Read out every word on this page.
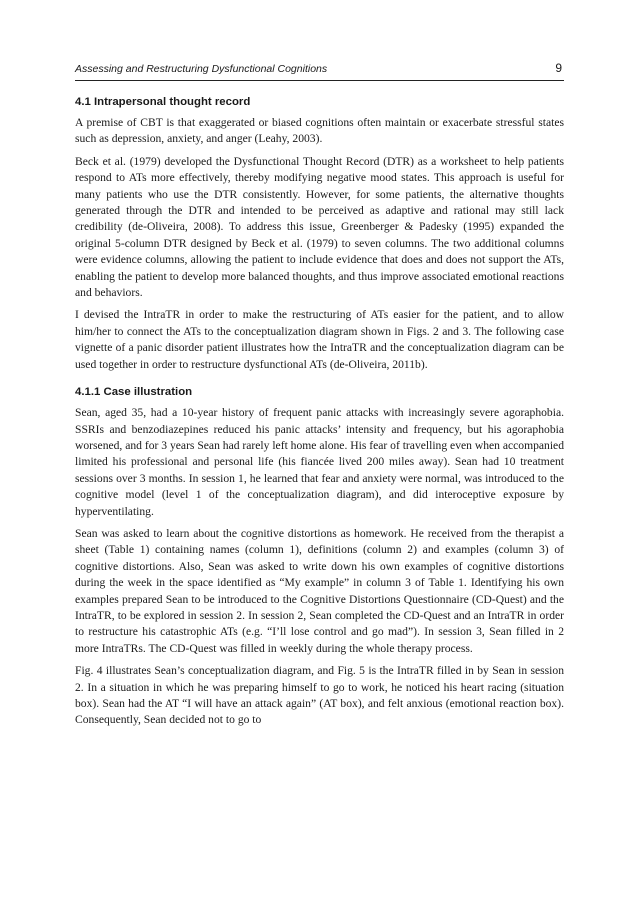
Assessing and Restructuring Dysfunctional Cognitions	9
4.1 Intrapersonal thought record

A premise of CBT is that exaggerated or biased cognitions often maintain or exacerbate stressful states such as depression, anxiety, and anger (Leahy, 2003).

Beck et al. (1979) developed the Dysfunctional Thought Record (DTR) as a worksheet to help patients respond to ATs more effectively, thereby modifying negative mood states. This approach is useful for many patients who use the DTR consistently. However, for some patients, the alternative thoughts generated through the DTR and intended to be perceived as adaptive and rational may still lack credibility (de-Oliveira, 2008). To address this issue, Greenberger & Padesky (1995) expanded the original 5-column DTR designed by Beck et al. (1979) to seven columns. The two additional columns were evidence columns, allowing the patient to include evidence that does and does not support the ATs, enabling the patient to develop more balanced thoughts, and thus improve associated emotional reactions and behaviors.

I devised the IntraTR in order to make the restructuring of ATs easier for the patient, and to allow him/her to connect the ATs to the conceptualization diagram shown in Figs. 2 and 3. The following case vignette of a panic disorder patient illustrates how the IntraTR and the conceptualization diagram can be used together in order to restructure dysfunctional ATs (de-Oliveira, 2011b).

4.1.1 Case illustration

Sean, aged 35, had a 10-year history of frequent panic attacks with increasingly severe agoraphobia. SSRIs and benzodiazepines reduced his panic attacks’ intensity and frequency, but his agoraphobia worsened, and for 3 years Sean had rarely left home alone. His fear of travelling even when accompanied limited his professional and personal life (his fiancée lived 200 miles away). Sean had 10 treatment sessions over 3 months. In session 1, he learned that fear and anxiety were normal, was introduced to the cognitive model (level 1 of the conceptualization diagram), and did interoceptive exposure by hyperventilating.

Sean was asked to learn about the cognitive distortions as homework. He received from the therapist a sheet (Table 1) containing names (column 1), definitions (column 2) and examples (column 3) of cognitive distortions. Also, Sean was asked to write down his own examples of cognitive distortions during the week in the space identified as “My example” in column 3 of Table 1. Identifying his own examples prepared Sean to be introduced to the Cognitive Distortions Questionnaire (CD-Quest) and the IntraTR, to be explored in session 2. In session 2, Sean completed the CD-Quest and an IntraTR in order to restructure his catastrophic ATs (e.g. “I’ll lose control and go mad”). In session 3, Sean filled in 2 more IntraTRs. The CD-Quest was filled in weekly during the whole therapy process.

Fig. 4 illustrates Sean’s conceptualization diagram, and Fig. 5 is the IntraTR filled in by Sean in session 2. In a situation in which he was preparing himself to go to work, he noticed his heart racing (situation box). Sean had the AT “I will have an attack again” (AT box), and felt anxious (emotional reaction box). Consequently, Sean decided not to go to
